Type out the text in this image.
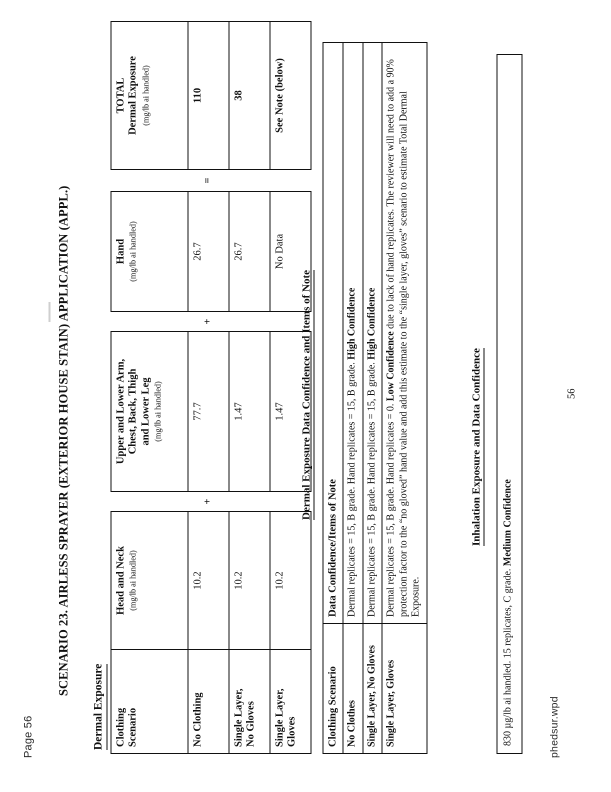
phedsur.wpd
Page 56
SCENARIO 23. AIRLESS SPRAYER (EXTERIOR HOUSE STAIN) APPLICATION (APPL.)
Dermal Exposure Clothing
Scenario	Head and Neck (mg/lb ai handled)		Upper and Lower Arm,
Chest, Back, Thigh
and Lower Leg (mg/lb ai handled)		Hand (mg/lb ai handled)		TOTAL
Dermal Exposure (mg/lb ai handled)

No Clothing	10.2	+	77.7	+	26.7	=	110
Single Layer,
No Gloves	10.2		1.47		26.7		38
Single Layer,
Gloves	10.2		1.47		No Data		See Note (below)
Dermal Exposure Data Confidence and Items of Note
Clothing Scenario	Data Confidence/Items of Note
No Clothes	Dermal replicates = 15, B grade. Hand replicates = 15, B grade. High Confidence
Single Layer, No Gloves	Dermal replicates = 15, B grade. Hand replicates = 15, B grade. High Confidence
Single Layer, Gloves	Dermal replicates = 15, B grade. Hand replicates = 0. Low Confidence due to lack of hand replicates. The reviewer will need to add a 90% protection factor to the “no gloved” hand value and add this estimate to the “single layer, gloves” scenario to estimate Total Dermal Exposure.
Inhalation Exposure and Data Confidence
830 µg/lb ai handled. 15 replicates, C grade. Medium Confidence
56
